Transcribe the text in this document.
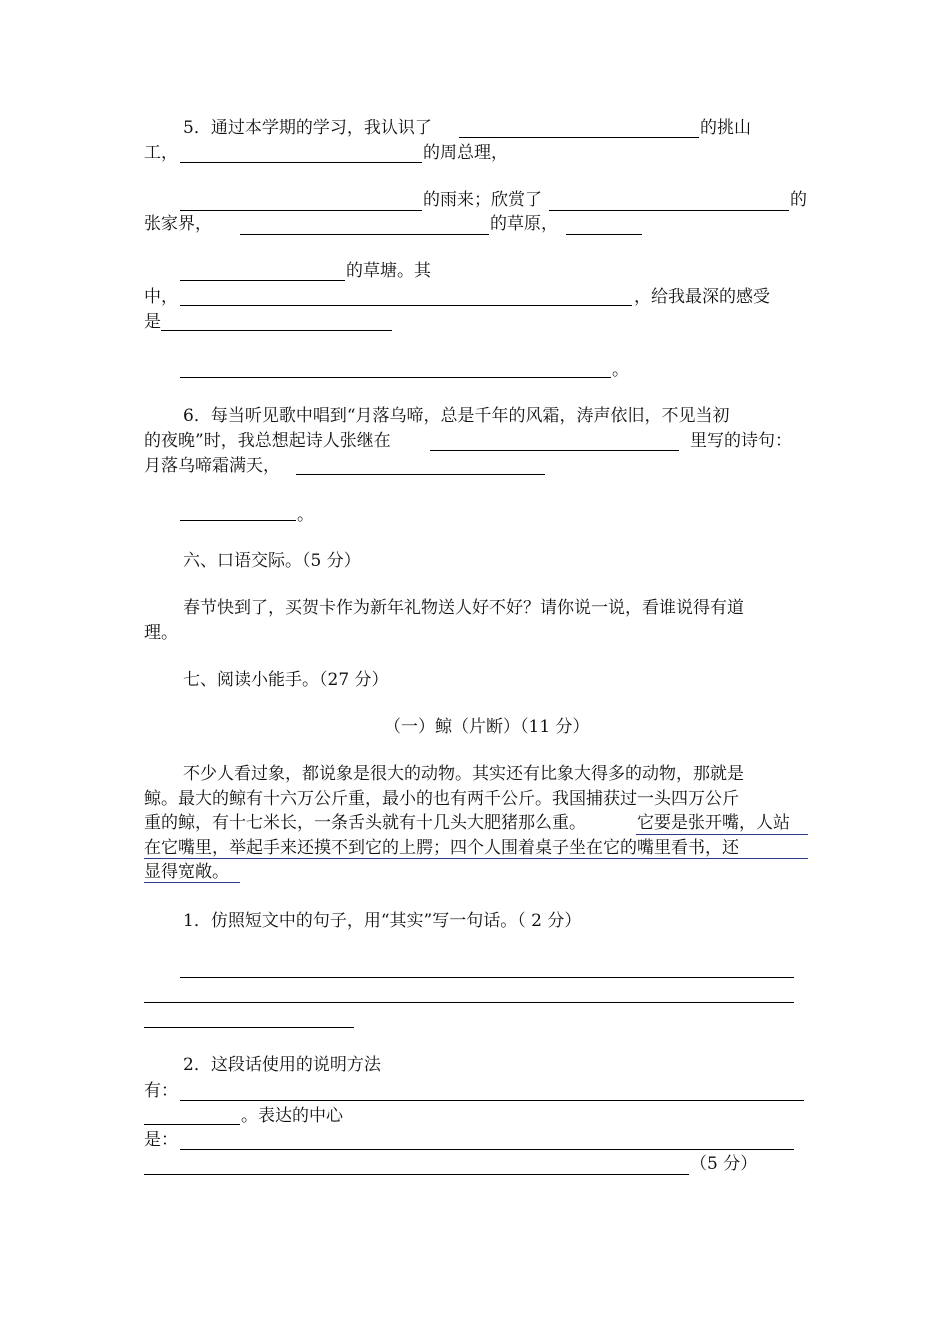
5．通过本学期的学习，我认识了	的挑山
工，	的周总理，
的雨来；欣赏了	的
张家界，	的草原，
的草塘。其
中，	，给我最深的感受
是
。
6．每当听见歌中唱到“月落乌啼，总是千年的风霜，涛声依旧，不见当初
的夜晚”时，我总想起诗人张继在	里写的诗句：
月落乌啼霜满天，
。
六、口语交际。（5 分）
春节快到了，买贺卡作为新年礼物送人好不好？请你说一说，看谁说得有道
理。
七、阅读小能手。（27 分）
（一）鲸（片断）（11 分）
不少人看过象，都说象是很大的动物。其实还有比象大得多的动物，那就是
鲸。最大的鲸有十六万公斤重，最小的也有两千公斤。我国捕获过一头四万公斤
重的鲸，有十七米长，一条舌头就有十几头大肥猪那么重。	它要是张开嘴，人站
在它嘴里，举起手来还摸不到它的上腭；四个人围着桌子坐在它的嘴里看书，还
显得宽敞。
1．仿照短文中的句子，用“其实”写一句话。（ 2 分）
2．这段话使用的说明方法
有：
。表达的中心
是：
（5 分）
